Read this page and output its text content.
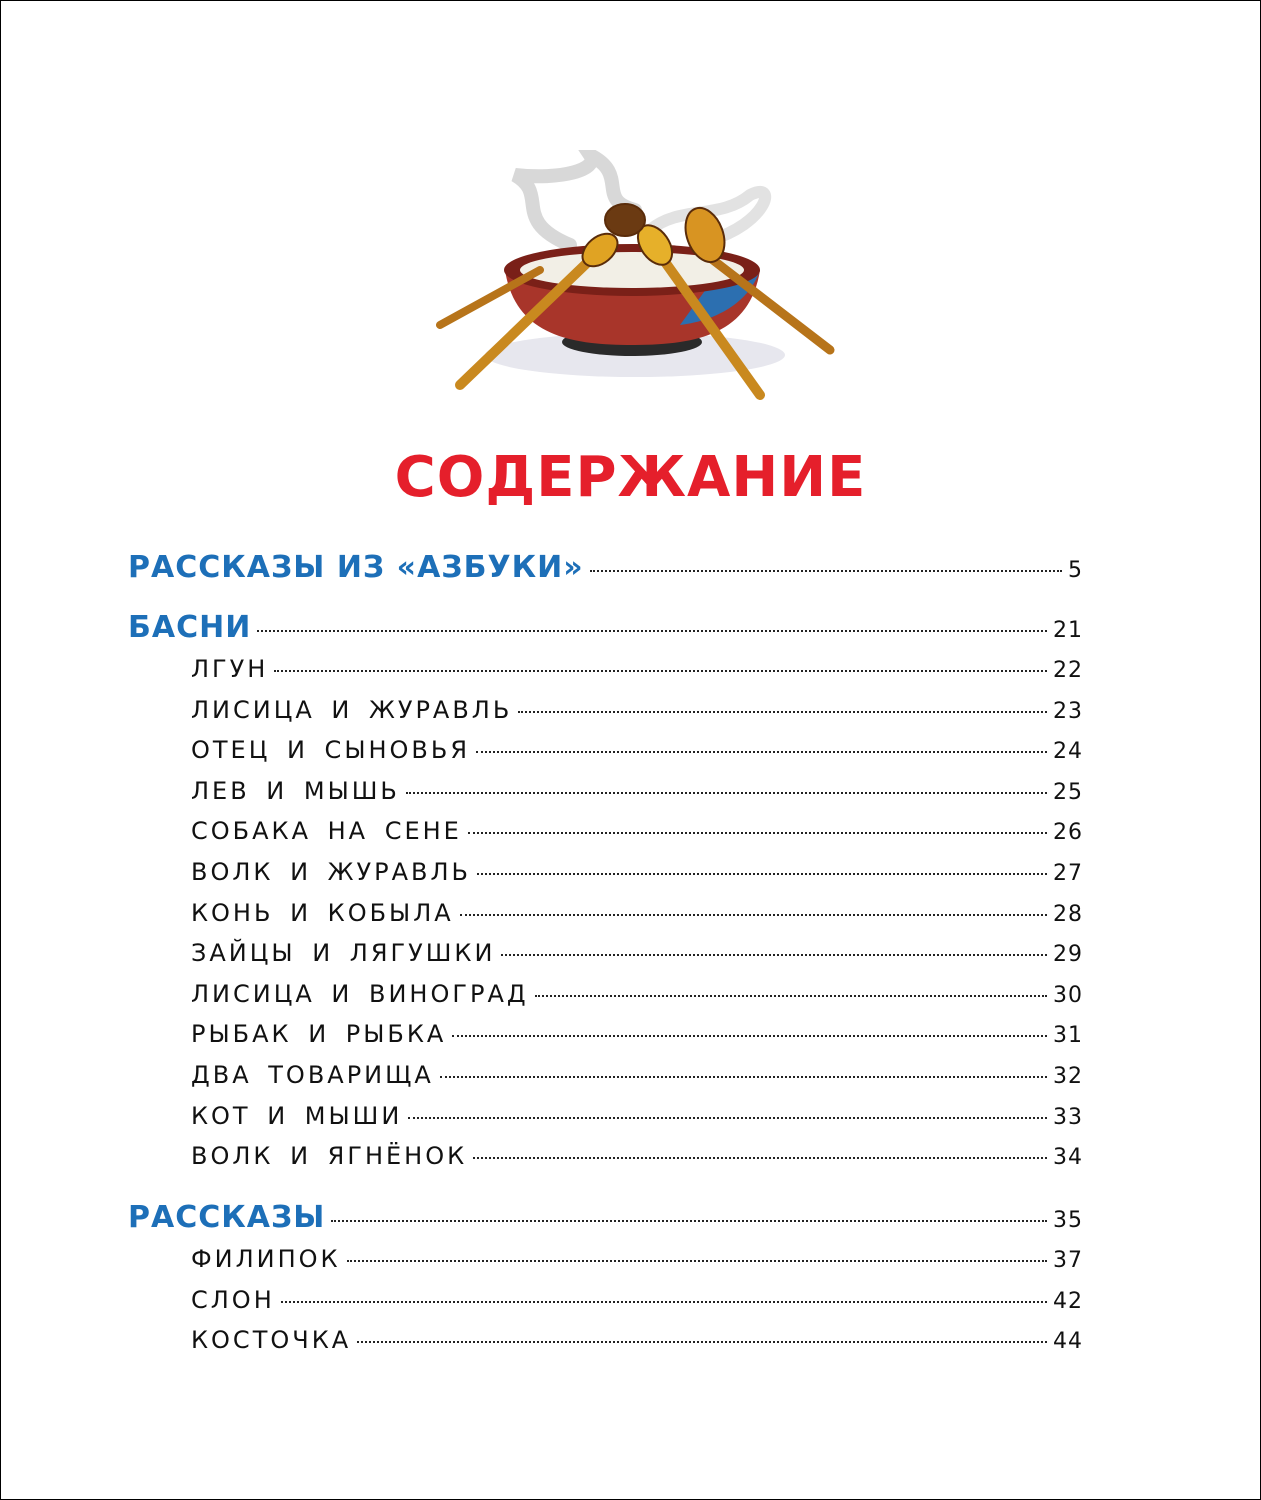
СОДЕРЖАНИЕ
РАССКАЗЫ ИЗ «АЗБУКИ»	5
БАСНИ	21
ЛГУН	22
ЛИСИЦА И ЖУРАВЛЬ	23
ОТЕЦ И СЫНОВЬЯ	24
ЛЕВ И МЫШЬ	25
СОБАКА НА СЕНЕ	26
ВОЛК И ЖУРАВЛЬ	27
КОНЬ И КОБЫЛА	28
ЗАЙЦЫ И ЛЯГУШКИ	29
ЛИСИЦА И ВИНОГРАД	30
РЫБАК И РЫБКА	31
ДВА ТОВАРИЩА	32
КОТ И МЫШИ	33
ВОЛК И ЯГНЁНОК	34
РАССКАЗЫ	35
ФИЛИПОК	37
СЛОН	42
КОСТОЧКА	44
